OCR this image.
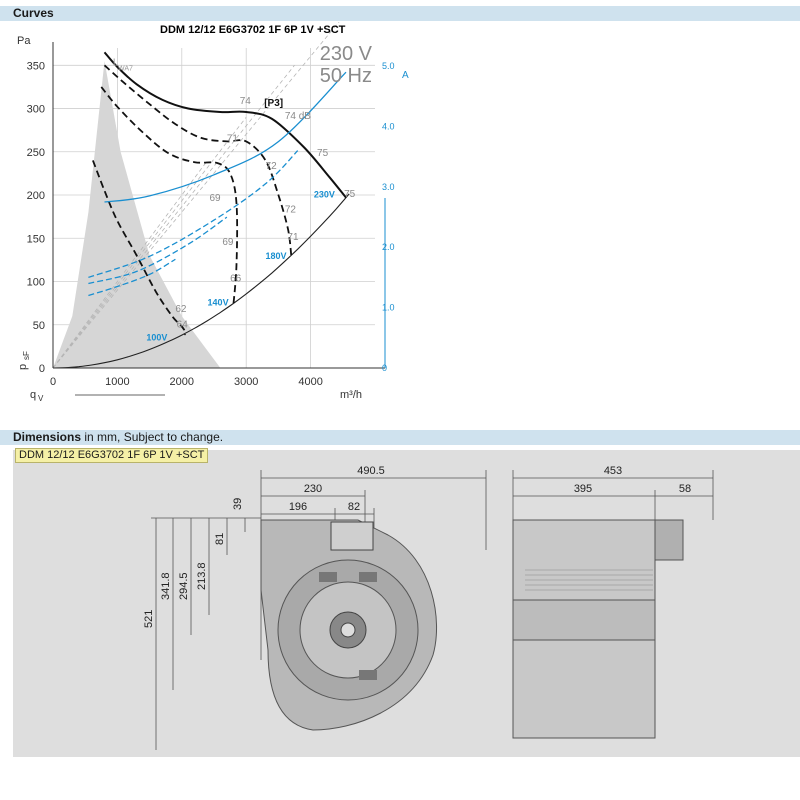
Curves
0	1000	2000	3000	4000
0
50
100
150
200
250
300
350
0
1.0
2.0
3.0
4.0
5.0
Pa
A
m³/h
p
sF
q V
[P3]
L
WA7
74
74 dB
71
72
75
75
69
72
71
69
66
62
64
230V
180V
140V
100V
DDM 12/12 E6G3702 1F 6P 1V +SCT
230 V
50 Hz
Dimensions in mm, Subject to change.
490.5
230
196	82
39
81
213.8
294.5
341.8
521
453
395	58
DDM 12/12 E6G3702 1F 6P 1V +SCT
